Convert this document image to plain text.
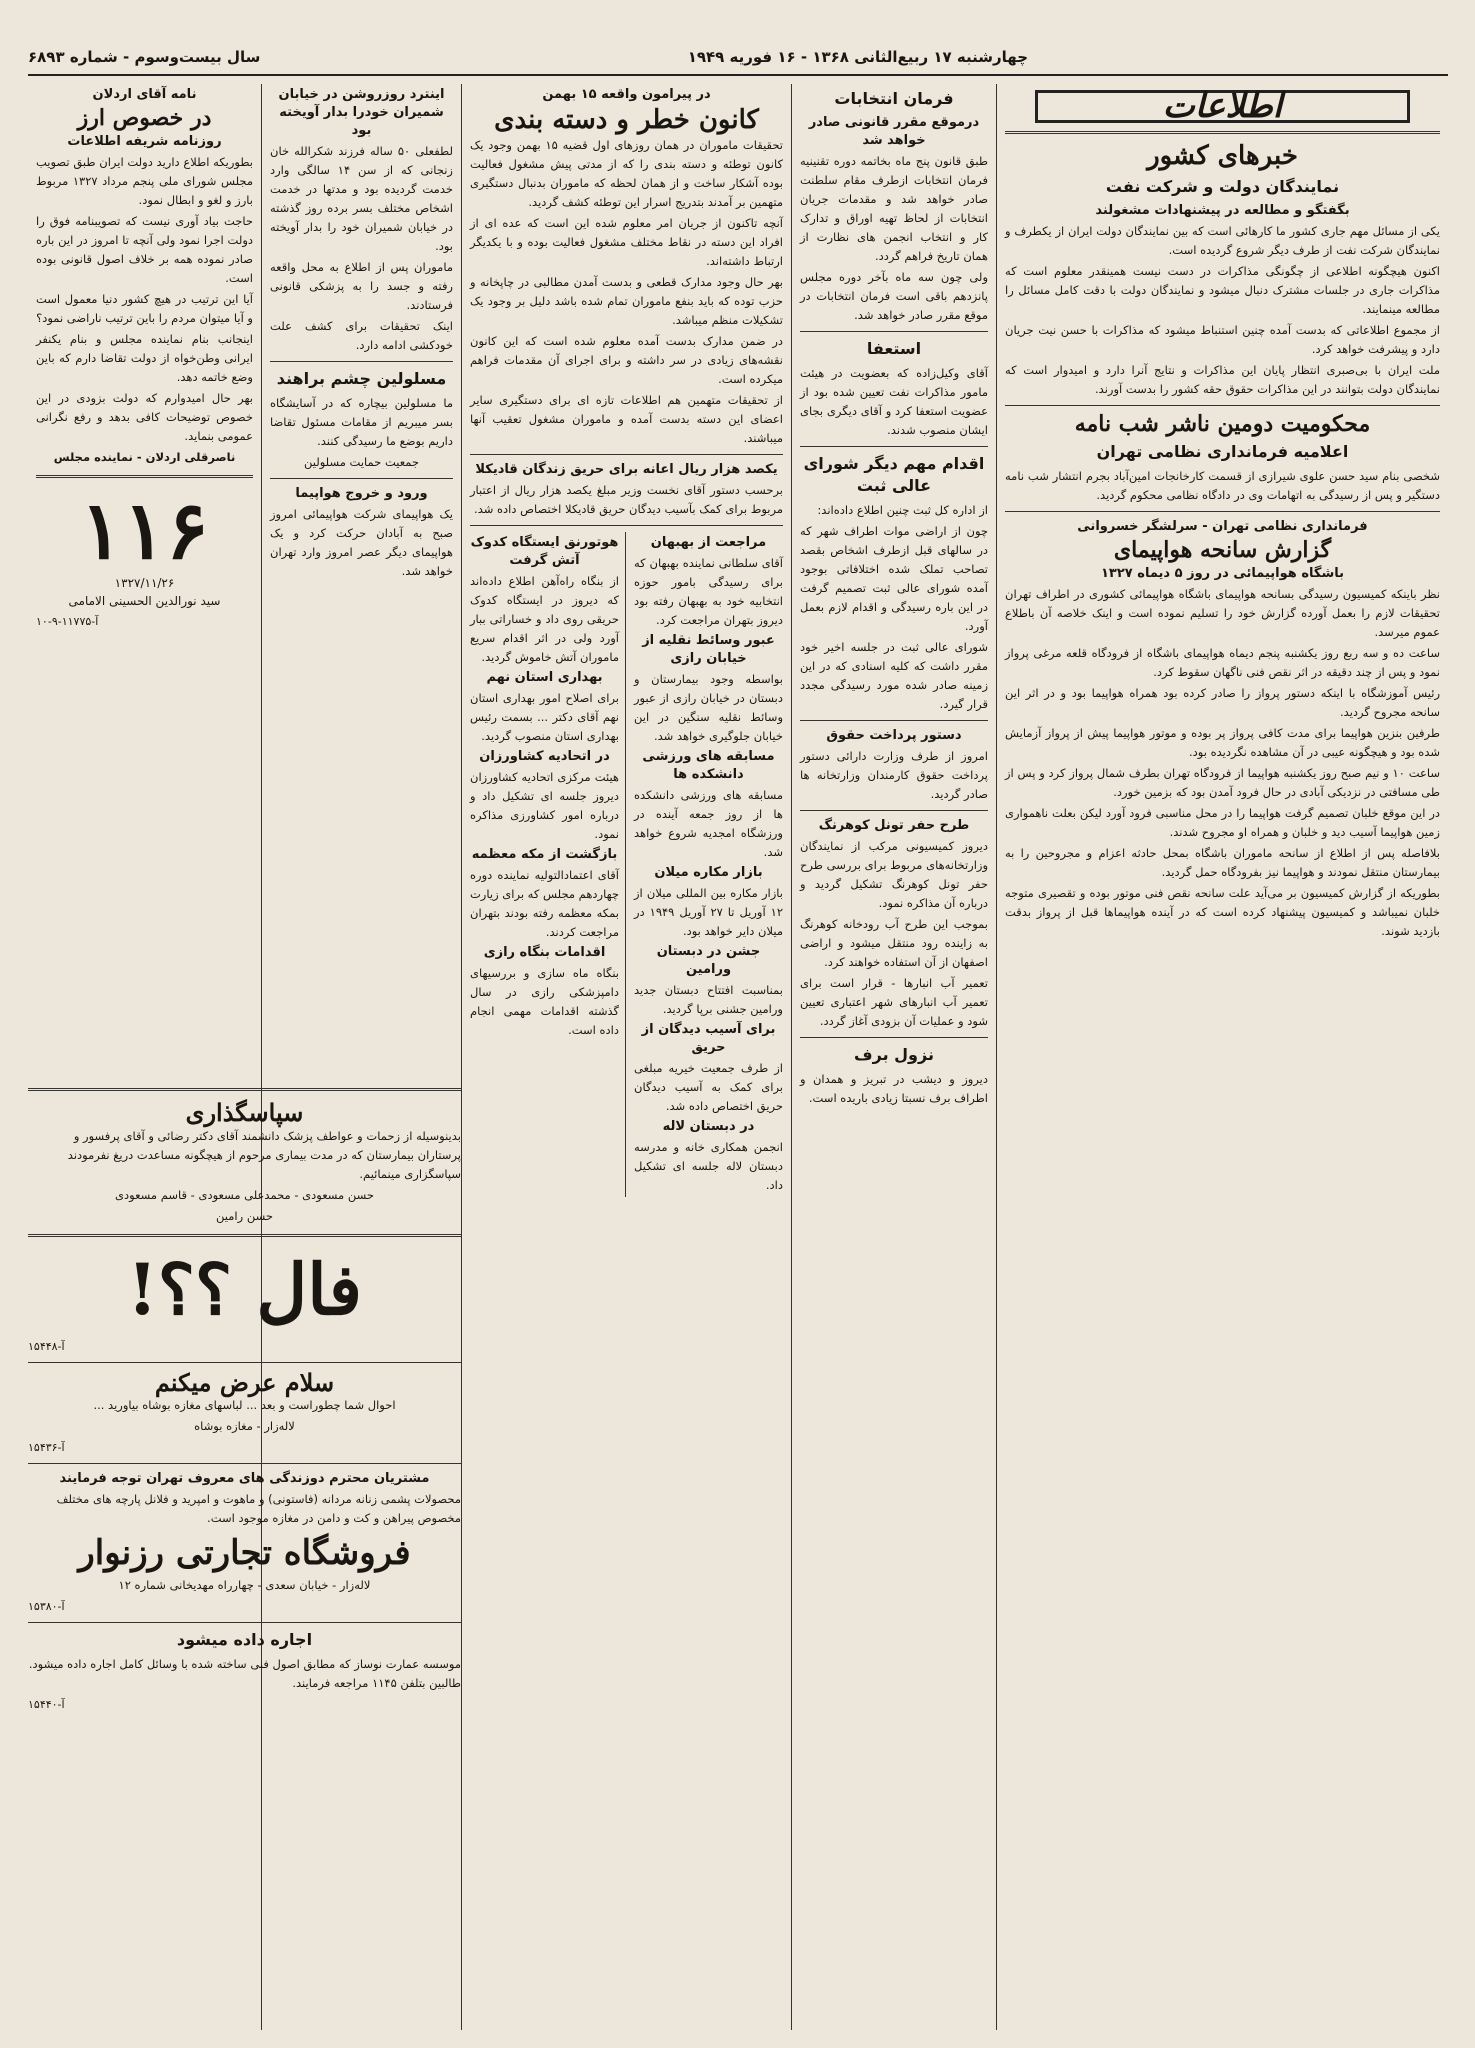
چهارشنبه ۱۷ ربیع‌الثانی ۱۳۶۸ - ۱۶ فوریه ۱۹۴۹
سال بیست‌وسوم - شماره ۶۸۹۳
اطلاعات
خبرهای کشور
نمایندگان دولت و شرکت نفت
بگفتگو و مطالعه در پیشنهادات مشغولند

یکی از مسائل مهم جاری کشور ما کارهائی است که بین نمایندگان دولت ایران از یکطرف و نمایندگان شرکت نفت از طرف دیگر شروع گردیده است.

اکنون هیچگونه اطلاعی از چگونگی مذاکرات در دست نیست همینقدر معلوم است که مذاکرات جاری در جلسات مشترک دنبال میشود و نمایندگان دولت با دقت کامل مسائل را مطالعه مینمایند.

از مجموع اطلاعاتی که بدست آمده چنین استنباط میشود که مذاکرات با حسن نیت جریان دارد و پیشرفت خواهد کرد.

ملت ایران با بی‌صبری انتظار پایان این مذاکرات و نتایج آنرا دارد و امیدوار است که نمایندگان دولت بتوانند در این مذاکرات حقوق حقه کشور را بدست آورند.

محکومیت دومین ناشر شب نامه
اعلامیه فرمانداری نظامی تهران

شخصی بنام سید حسن علوی شیرازی از قسمت کارخانجات امین‌آباد بجرم انتشار شب نامه دستگیر و پس از رسیدگی به اتهامات وی در دادگاه نظامی محکوم گردید.

فرمانداری نظامی تهران - سرلشگر خسروانی
گزارش سانحه هواپیمای
باشگاه هواپیمائی در روز ۵ دیماه ۱۳۲۷

نظر باینکه کمیسیون رسیدگی بسانحه هواپیمای باشگاه هواپیمائی کشوری در اطراف تهران تحقیقات لازم را بعمل آورده گزارش خود را تسلیم نموده است و اینک خلاصه آن باطلاع عموم میرسد.

ساعت ده و سه ربع روز یکشنبه پنجم دیماه هواپیمای باشگاه از فرودگاه قلعه مرغی پرواز نمود و پس از چند دقیقه در اثر نقص فنی ناگهان سقوط کرد.

رئیس آموزشگاه با اینکه دستور پرواز را صادر کرده بود همراه هواپیما بود و در اثر این سانحه مجروح گردید.

طرفین بنزین هواپیما برای مدت کافی پرواز پر بوده و موتور هواپیما پیش از پرواز آزمایش شده بود و هیچگونه عیبی در آن مشاهده نگردیده بود.

ساعت ۱۰ و نیم صبح روز یکشنبه هواپیما از فرودگاه تهران بطرف شمال پرواز کرد و پس از طی مسافتی در نزدیکی آبادی در حال فرود آمدن بود که بزمین خورد.

در این موقع خلبان تصمیم گرفت هواپیما را در محل مناسبی فرود آورد لیکن بعلت ناهمواری زمین هواپیما آسیب دید و خلبان و همراه او مجروح شدند.

بلافاصله پس از اطلاع از سانحه ماموران باشگاه بمحل حادثه اعزام و مجروحین را به بیمارستان منتقل نمودند و هواپیما نیز بفرودگاه حمل گردید.

بطوریکه از گزارش کمیسیون بر می‌آید علت سانحه نقص فنی موتور بوده و تقصیری متوجه خلبان نمیباشد و کمیسیون پیشنهاد کرده است که در آینده هواپیماها قبل از پرواز بدقت بازدید شوند.

فرمان انتخابات
درموقع مقرر قانونی صادر خواهد شد

طبق قانون پنج ماه بخاتمه دوره تقنینیه فرمان انتخابات ازطرف مقام سلطنت صادر خواهد شد و مقدمات جریان انتخابات از لحاظ تهیه اوراق و تدارک کار و انتخاب انجمن های نظارت از همان تاریخ فراهم گردد.

ولی چون سه ماه بآخر دوره مجلس پانزدهم باقی است فرمان انتخابات در موقع مقرر صادر خواهد شد.

استعفا

آقای وکیل‌زاده که بعضویت در هیئت مامور مذاکرات نفت تعیین شده بود از عضویت استعفا کرد و آقای دیگری بجای ایشان منصوب شدند.

اقدام مهم دیگر شورای عالی ثبت

از اداره کل ثبت چنین اطلاع داده‌اند:

چون از اراضی موات اطراف شهر که در سالهای قبل ازطرف اشخاص بقصد تصاحب تملک شده اختلافاتی بوجود آمده شورای عالی ثبت تصمیم گرفت در این باره رسیدگی و اقدام لازم بعمل آورد.

شورای عالی ثبت در جلسه اخیر خود مقرر داشت که کلیه اسنادی که در این زمینه صادر شده مورد رسیدگی مجدد قرار گیرد.

دستور پرداخت حقوق

امروز از طرف وزارت دارائی دستور پرداخت حقوق کارمندان وزارتخانه ها صادر گردید.

طرح حفر تونل کوهرنگ

دیروز کمیسیونی مرکب از نمایندگان وزارتخانه‌های مربوط برای بررسی طرح حفر تونل کوهرنگ تشکیل گردید و درباره آن مذاکره نمود.

بموجب این طرح آب رودخانه کوهرنگ به زاینده رود منتقل میشود و اراضی اصفهان از آن استفاده خواهند کرد.

تعمیر آب انبارها - قرار است برای تعمیر آب انبارهای شهر اعتباری تعیین شود و عملیات آن بزودی آغاز گردد.

نزول برف

دیروز و دیشب در تبریز و همدان و اطراف برف نسبتا زیادی باریده است.

در پیرامون واقعه ۱۵ بهمن
کانون خطر و دسته بندی

تحقیقات ماموران در همان روزهای اول قضیه ۱۵ بهمن وجود یک کانون توطئه و دسته بندی را که از مدتی پیش مشغول فعالیت بوده آشکار ساخت و از همان لحظه که ماموران بدنبال دستگیری متهمین بر آمدند بتدریج اسرار این توطئه کشف گردید.

آنچه تاکنون از جریان امر معلوم شده این است که عده ای از افراد این دسته در نقاط مختلف مشغول فعالیت بوده و با یکدیگر ارتباط داشته‌اند.

بهر حال وجود مدارک قطعی و بدست آمدن مطالبی در چاپخانه و حزب توده که باید بنفع ماموران تمام شده باشد دلیل بر وجود یک تشکیلات منظم میباشد.

در ضمن مدارک بدست آمده معلوم شده است که این کانون نقشه‌های زیادی در سر داشته و برای اجرای آن مقدمات فراهم میکرده است.

از تحقیقات متهمین هم اطلاعات تازه ای برای دستگیری سایر اعضای این دسته بدست آمده و ماموران مشغول تعقیب آنها میباشند.

یکصد هزار ریال اعانه برای حریق زندگان قادیکلا

برحسب دستور آقای نخست وزیر مبلغ یکصد هزار ریال از اعتبار مربوط برای کمک بآسیب دیدگان حریق قادیکلا اختصاص داده شد.

مراجعت از بهبهان

آقای سلطانی نماینده بهبهان که برای رسیدگی بامور حوزه انتخابیه خود به بهبهان رفته بود دیروز بتهران مراجعت کرد.

عبور وسائط نقلیه از خیابان رازی

بواسطه وجود بیمارستان و دبستان در خیابان رازی از عبور وسائط نقلیه سنگین در این خیابان جلوگیری خواهد شد.

مسابقه های ورزشی دانشکده ها

مسابقه های ورزشی دانشکده ها از روز جمعه آینده در ورزشگاه امجدیه شروع خواهد شد.

بازار مکاره میلان

بازار مکاره بین المللی میلان از ۱۲ آوریل تا ۲۷ آوریل ۱۹۴۹ در میلان دایر خواهد بود.

جشن در دبستان ورامین

بمناسبت افتتاح دبستان جدید ورامین جشنی برپا گردید.

برای آسیب دیدگان از حریق

از طرف جمعیت خیریه مبلغی برای کمک به آسیب دیدگان حریق اختصاص داده شد.

در دبستان لاله

انجمن همکاری خانه و مدرسه دبستان لاله جلسه ای تشکیل داد.

هوتورنق ایستگاه کدوک آتش گرفت

از بنگاه راه‌آهن اطلاع داده‌اند که دیروز در ایستگاه کدوک حریقی روی داد و خساراتی ببار آورد ولی در اثر اقدام سریع ماموران آتش خاموش گردید.

بهداری استان نهم

برای اصلاح امور بهداری استان نهم آقای دکتر ... بسمت رئیس بهداری استان منصوب گردید.

در اتحادیه کشاورزان

هیئت مرکزی اتحادیه کشاورزان دیروز جلسه ای تشکیل داد و درباره امور کشاورزی مذاکره نمود.

بازگشت از مکه معظمه

آقای اعتمادالتولیه نماینده دوره چهاردهم مجلس که برای زیارت بمکه معظمه رفته بودند بتهران مراجعت کردند.

اقدامات بنگاه رازی

بنگاه ماه سازی و بررسیهای دامپزشکی رازی در سال گذشته اقدامات مهمی انجام داده است.

اینترد روزروشن در خیابان شمیران خودرا بدار آویخته بود

لطفعلی ۵۰ ساله فرزند شکرالله خان زنجانی که از سن ۱۴ سالگی وارد خدمت گردیده بود و مدتها در خدمت اشخاص مختلف بسر برده روز گذشته در خیابان شمیران خود را بدار آویخته بود.

ماموران پس از اطلاع به محل واقعه رفته و جسد را به پزشکی قانونی فرستادند.

اینک تحقیقات برای کشف علت خودکشی ادامه دارد.

مسلولین چشم براهند

ما مسلولین بیچاره که در آسایشگاه بسر میبریم از مقامات مسئول تقاضا داریم بوضع ما رسیدگی کنند.

جمعیت حمایت مسلولین

ورود و خروج هواپیما

یک هواپیمای شرکت هواپیمائی امروز صبح به آبادان حرکت کرد و یک هواپیمای دیگر عصر امروز وارد تهران خواهد شد.

سپاسگذاری

بدینوسیله از زحمات و عواطف پزشک دانشمند آقای دکتر رضائی و آقای پرفسور و پرستاران بیمارستان که در مدت بیماری مرحوم از هیچگونه مساعدت دریغ نفرمودند سپاسگزاری مینمائیم.

حسن مسعودی - محمدعلی مسعودی - قاسم مسعودی

حسن رامین

فال ؟؟!
آ-۱۵۴۴۸
سلام عرض میکنم

احوال شما چطوراست و بعد ... لباسهای مغازه بوشاه بیاورید ...

لاله‌زار - مغازه بوشاه

آ-۱۵۴۳۶
مشتریان محترم دوزندگی های معروف تهران توجه فرمایند

محصولات پشمی زنانه مردانه (فاستونی) و ماهوت و امپرید و فلانل پارچه های مختلف مخصوص پیراهن و کت و دامن در مغازه موجود است.

فروشگاه تجارتی رزنوار

لاله‌زار - خیابان سعدی - چهارراه مهدیخانی شماره ۱۲

آ-۱۵۳۸۰
اجاره داده میشود

موسسه عمارت نوساز که مطابق اصول فنی ساخته شده با وسائل کامل اجاره داده میشود. طالبین بتلفن ۱۱۴۵ مراجعه فرمایند.

آ-۱۵۴۴۰
نامه آقای اردلان
در خصوص ارز
روزنامه شریفه اطلاعات

بطوریکه اطلاع دارید دولت ایران طبق تصویب مجلس شورای ملی پنجم مرداد ۱۳۲۷ مربوط بارز و لغو و ابطال نمود.

حاجت بیاد آوری نیست که تصویبنامه فوق را دولت اجرا نمود ولی آنچه تا امروز در این باره صادر نموده همه بر خلاف اصول قانونی بوده است.

آیا این ترتیب در هیچ کشور دنیا معمول است و آیا میتوان مردم را باین ترتیب ناراضی نمود؟

اینجانب بنام نماینده مجلس و بنام یکنفر ایرانی وطن‌خواه از دولت تقاضا دارم که باین وضع خاتمه دهد.

بهر حال امیدوارم که دولت بزودی در این خصوص توضیحات کافی بدهد و رفع نگرانی عمومی بنماید.

ناصرقلی اردلان - نماینده مجلس

۱۱۶
۱۳۲۷/۱۱/۲۶
سید نورالدین الحسینی الامامی
آ-۱۱۷۷۵-۹-۱۰
